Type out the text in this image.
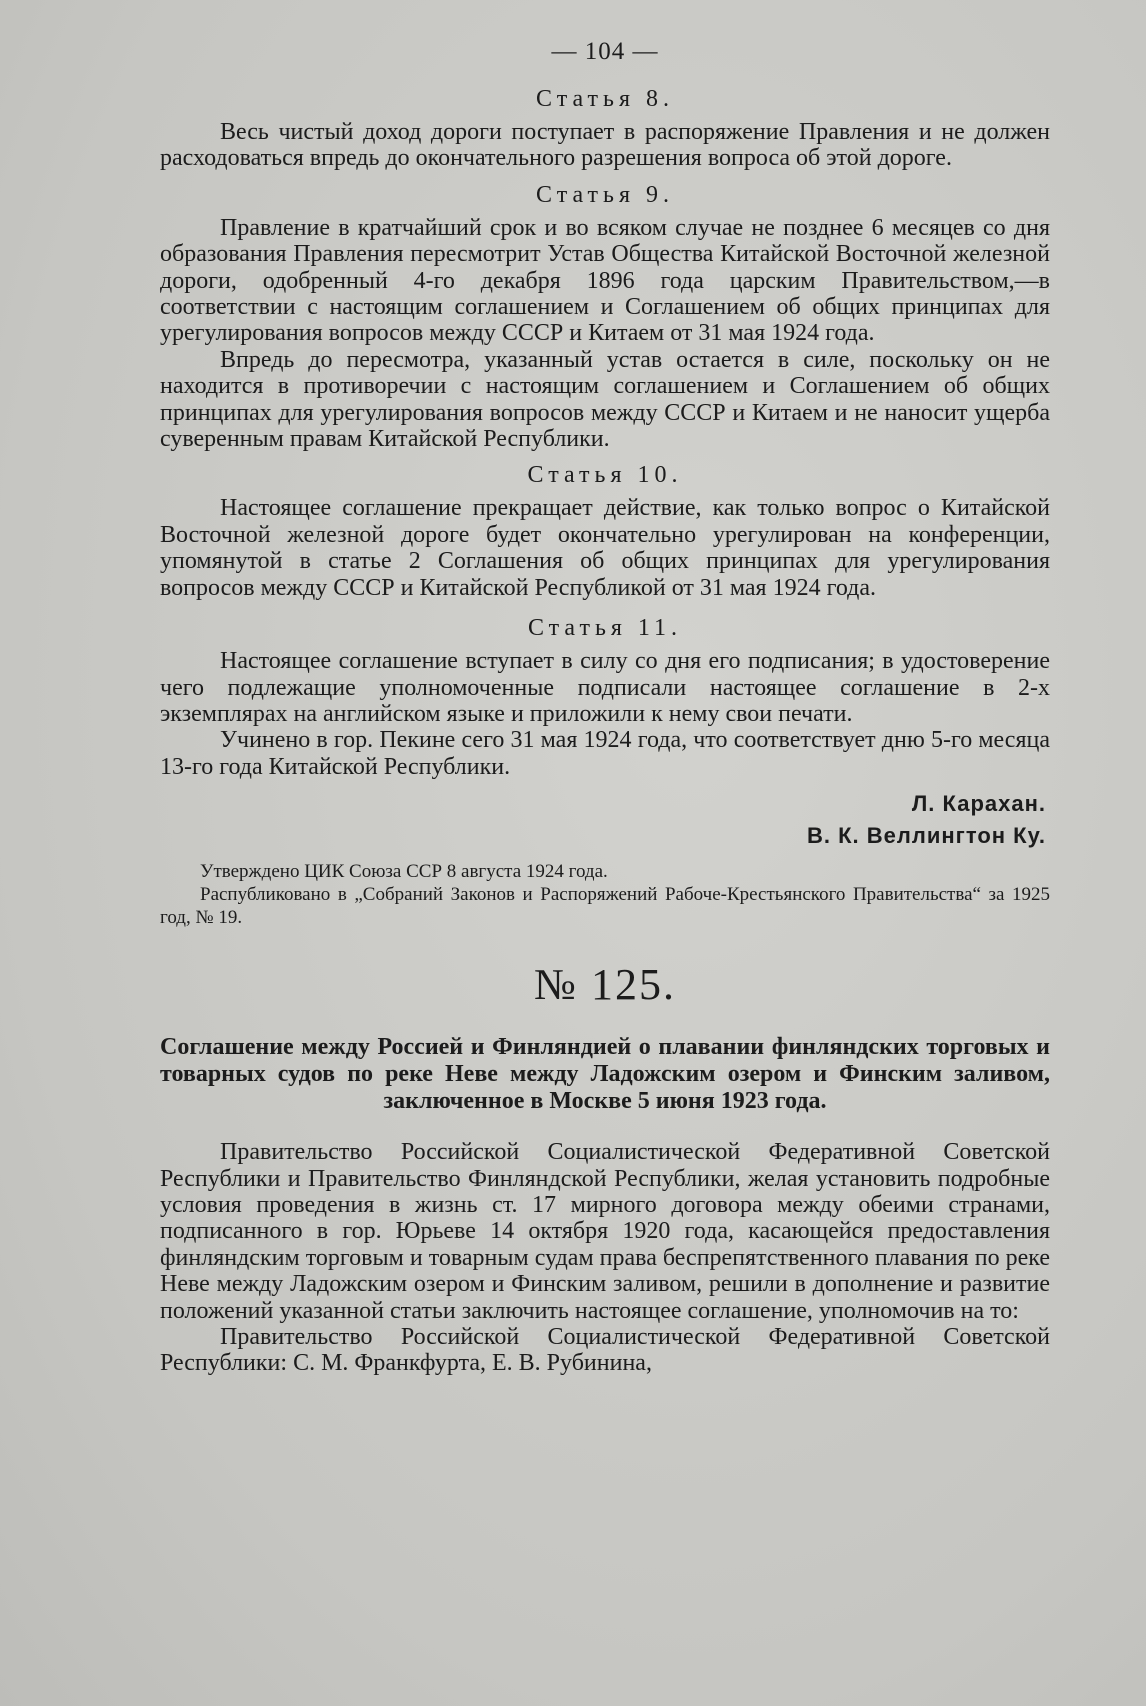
— 104 —
Статья 8.

Весь чистый доход дороги поступает в распоряжение Правления и не должен расходоваться впредь до окончательного разрешения вопроса об этой дороге.

Статья 9.

Правление в кратчайший срок и во всяком случае не позднее 6 месяцев со дня образования Правления пересмотрит Устав Общества Китайской Восточной железной дороги, одобренный 4-го декабря 1896 года царским Правительством,—в соответствии с настоящим соглашением и Соглашением об общих принципах для урегулирования вопросов между СССР и Китаем от 31 мая 1924 года.

Впредь до пересмотра, указанный устав остается в силе, поскольку он не находится в противоречии с настоящим соглашением и Соглашением об общих принципах для урегулирования вопросов между СССР и Китаем и не наносит ущерба суверенным правам Китайской Республики.

Статья 10.

Настоящее соглашение прекращает действие, как только вопрос о Китайской Восточной железной дороге будет окончательно урегулирован на конференции, упомянутой в статье 2 Соглашения об общих принципах для урегулирования вопросов между СССР и Китайской Республикой от 31 мая 1924 года.

Статья 11.

Настоящее соглашение вступает в силу со дня его подписания; в удостоверение чего подлежащие уполномоченные подписали настоящее соглашение в 2-х экземплярах на английском языке и приложили к нему свои печати.

Учинено в гор. Пекине сего 31 мая 1924 года, что соответствует дню 5-го месяца 13-го года Китайской Республики.

Л. Карахан.
В. К. Веллингтон Ку.

Утверждено ЦИК Союза ССР 8 августа 1924 года.

Распубликовано в „Собраний Законов и Распоряжений Рабоче-Крестьянского Правительства“ за 1925 год, № 19.

№ 125.
Соглашение между Россией и Финляндией о плавании финляндских торговых и товарных судов по реке Неве между Ладожским озером и Финским заливом, заключенное в Москве 5 июня 1923 года.

Правительство Российской Социалистической Федеративной Советской Республики и Правительство Финляндской Республики, желая установить подробные условия проведения в жизнь ст. 17 мирного договора между обеими странами, подписанного в гор. Юрьеве 14 октября 1920 года, касающейся предоставления финляндским торговым и товарным судам права беспрепятственного плавания по реке Неве между Ладожским озером и Финским заливом, решили в дополнение и развитие положений указанной статьи заключить настоящее соглашение, уполномочив на то:

Правительство Российской Социалистической Федеративной Советской Республики: С. М. Франкфурта, Е. В. Рубинина,
